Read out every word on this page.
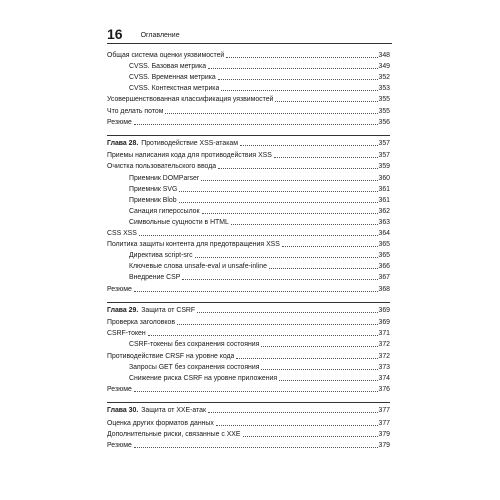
16	Оглавление
Общая система оценки уязвимостей	348
CVSS. Базовая метрика	349
CVSS. Временная метрика	352
CVSS. Контекстная метрика	353
Усовершенствованная классификация уязвимостей	355
Что делать потом	355
Резюме	356
Глава 28. Противодействие XSS-атакам	357
Приемы написания кода для противодействия XSS	357
Очистка пользовательского ввода	359
Приемник DOMParser	360
Приемник SVG	361
Приемник Blob	361
Санация гиперссылок	362
Символьные сущности в HTML	363
CSS XSS	364
Политика защиты контента для предотвращения XSS	365
Директива script-src	365
Ключевые слова unsafe-eval и unsafe-inline	366
Внедрение CSP	367
Резюме	368
Глава 29. Защита от CSRF	369
Проверка заголовков	369
CSRF-токен	371
CSRF-токены без сохранения состояния	372
Противодействие CRSF на уровне кода	372
Запросы GET без сохранения состояния	373
Снижение риска CSRF на уровне приложения	374
Резюме	376
Глава 30. Защита от XXE-атак	377
Оценка других форматов данных	377
Дополнительные риски, связанные с XXE	379
Резюме	379
